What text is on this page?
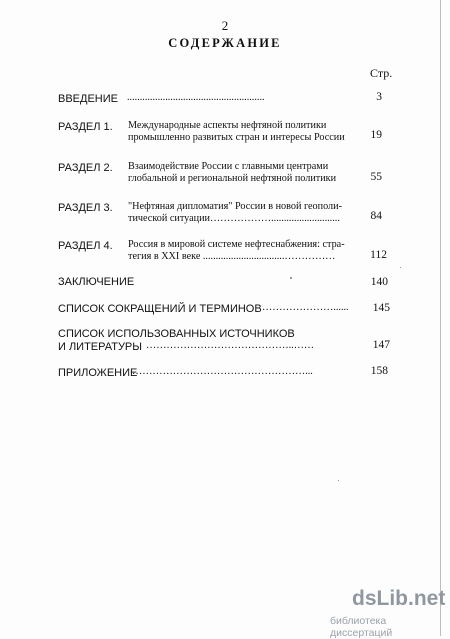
2
СОДЕРЖАНИЕ
Стр.
ВВЕДЕНИЕ ......................................................	3
РАЗДЕЛ 1. Международные аспекты нефтяной политики
промышленно развитых стран и интересы России	19
РАЗДЕЛ 2. Взаимодействие России с главными центрами
глобальной и региональной нефтяной политики	55
РАЗДЕЛ 3. "Нефтяная дипломатия" России в новой геополи-
тической ситуации………………...........................	84
РАЗДЕЛ 4. Россия в мировой системе нефтеснабжения: стра-
тегия в XXI веке ................................……………	112
ЗАКЛЮЧЕНИЕ	140
СПИСОК СОКРАЩЕНИЙ И ТЕРМИНОВ …………………......	145
СПИСОК ИСПОЛЬЗОВАННЫХ ИСТОЧНИКОВ
И ЛИТЕРАТУРЫ ……………………………………..……	147
ПРИЛОЖЕНИЕ
……………………………………………...	158
dsLib.net
библиотека диссертаций
